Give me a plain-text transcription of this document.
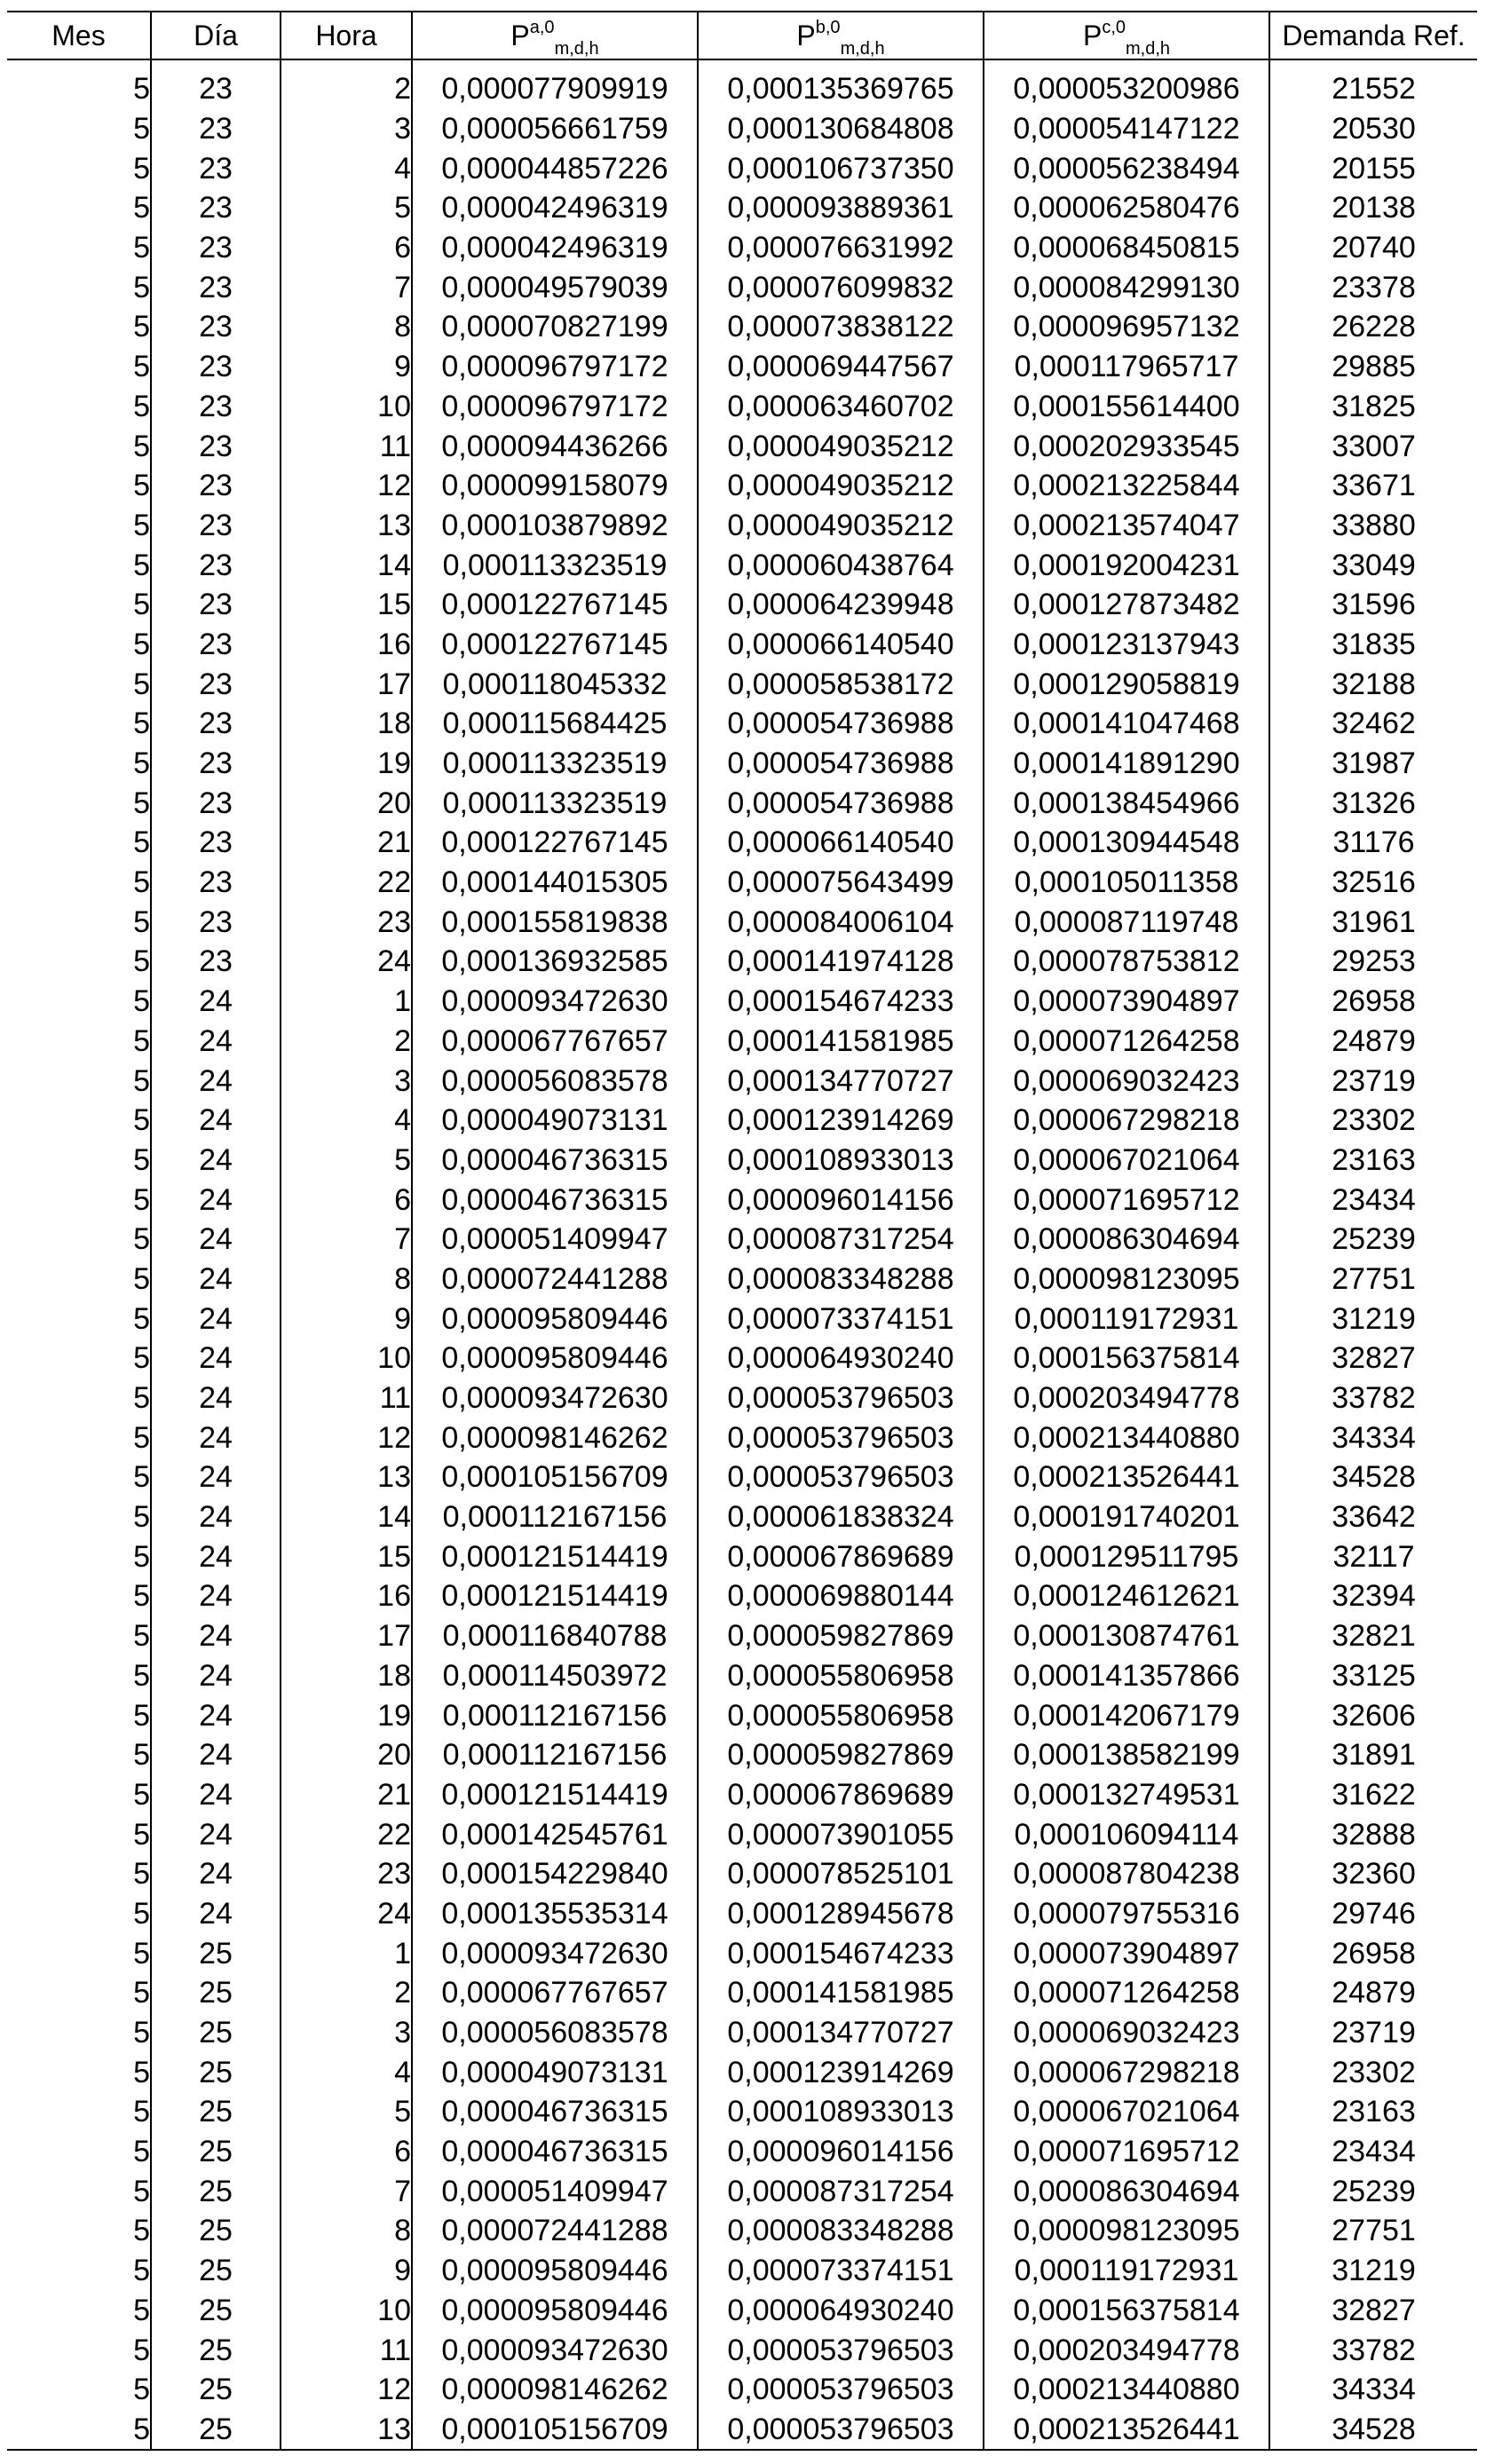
Mes	Día	Hora	P$^{a,0}_{m,d,h}$	P$^{b,0}_{m,d,h}$	P$^{c,0}_{m,d,h}$	Demanda Ref.

5	23	2	0,000077909919	0,000135369765	0,000053200986	21552
5	23	3	0,000056661759	0,000130684808	0,000054147122	20530
5	23	4	0,000044857226	0,000106737350	0,000056238494	20155
5	23	5	0,000042496319	0,000093889361	0,000062580476	20138
5	23	6	0,000042496319	0,000076631992	0,000068450815	20740
5	23	7	0,000049579039	0,000076099832	0,000084299130	23378
5	23	8	0,000070827199	0,000073838122	0,000096957132	26228
5	23	9	0,000096797172	0,000069447567	0,000117965717	29885
5	23	10	0,000096797172	0,000063460702	0,000155614400	31825
5	23	11	0,000094436266	0,000049035212	0,000202933545	33007
5	23	12	0,000099158079	0,000049035212	0,000213225844	33671
5	23	13	0,000103879892	0,000049035212	0,000213574047	33880
5	23	14	0,000113323519	0,000060438764	0,000192004231	33049
5	23	15	0,000122767145	0,000064239948	0,000127873482	31596
5	23	16	0,000122767145	0,000066140540	0,000123137943	31835
5	23	17	0,000118045332	0,000058538172	0,000129058819	32188
5	23	18	0,000115684425	0,000054736988	0,000141047468	32462
5	23	19	0,000113323519	0,000054736988	0,000141891290	31987
5	23	20	0,000113323519	0,000054736988	0,000138454966	31326
5	23	21	0,000122767145	0,000066140540	0,000130944548	31176
5	23	22	0,000144015305	0,000075643499	0,000105011358	32516
5	23	23	0,000155819838	0,000084006104	0,000087119748	31961
5	23	24	0,000136932585	0,000141974128	0,000078753812	29253
5	24	1	0,000093472630	0,000154674233	0,000073904897	26958
5	24	2	0,000067767657	0,000141581985	0,000071264258	24879
5	24	3	0,000056083578	0,000134770727	0,000069032423	23719
5	24	4	0,000049073131	0,000123914269	0,000067298218	23302
5	24	5	0,000046736315	0,000108933013	0,000067021064	23163
5	24	6	0,000046736315	0,000096014156	0,000071695712	23434
5	24	7	0,000051409947	0,000087317254	0,000086304694	25239
5	24	8	0,000072441288	0,000083348288	0,000098123095	27751
5	24	9	0,000095809446	0,000073374151	0,000119172931	31219
5	24	10	0,000095809446	0,000064930240	0,000156375814	32827
5	24	11	0,000093472630	0,000053796503	0,000203494778	33782
5	24	12	0,000098146262	0,000053796503	0,000213440880	34334
5	24	13	0,000105156709	0,000053796503	0,000213526441	34528
5	24	14	0,000112167156	0,000061838324	0,000191740201	33642
5	24	15	0,000121514419	0,000067869689	0,000129511795	32117
5	24	16	0,000121514419	0,000069880144	0,000124612621	32394
5	24	17	0,000116840788	0,000059827869	0,000130874761	32821
5	24	18	0,000114503972	0,000055806958	0,000141357866	33125
5	24	19	0,000112167156	0,000055806958	0,000142067179	32606
5	24	20	0,000112167156	0,000059827869	0,000138582199	31891
5	24	21	0,000121514419	0,000067869689	0,000132749531	31622
5	24	22	0,000142545761	0,000073901055	0,000106094114	32888
5	24	23	0,000154229840	0,000078525101	0,000087804238	32360
5	24	24	0,000135535314	0,000128945678	0,000079755316	29746
5	25	1	0,000093472630	0,000154674233	0,000073904897	26958
5	25	2	0,000067767657	0,000141581985	0,000071264258	24879
5	25	3	0,000056083578	0,000134770727	0,000069032423	23719
5	25	4	0,000049073131	0,000123914269	0,000067298218	23302
5	25	5	0,000046736315	0,000108933013	0,000067021064	23163
5	25	6	0,000046736315	0,000096014156	0,000071695712	23434
5	25	7	0,000051409947	0,000087317254	0,000086304694	25239
5	25	8	0,000072441288	0,000083348288	0,000098123095	27751
5	25	9	0,000095809446	0,000073374151	0,000119172931	31219
5	25	10	0,000095809446	0,000064930240	0,000156375814	32827
5	25	11	0,000093472630	0,000053796503	0,000203494778	33782
5	25	12	0,000098146262	0,000053796503	0,000213440880	34334
5	25	13	0,000105156709	0,000053796503	0,000213526441	34528
